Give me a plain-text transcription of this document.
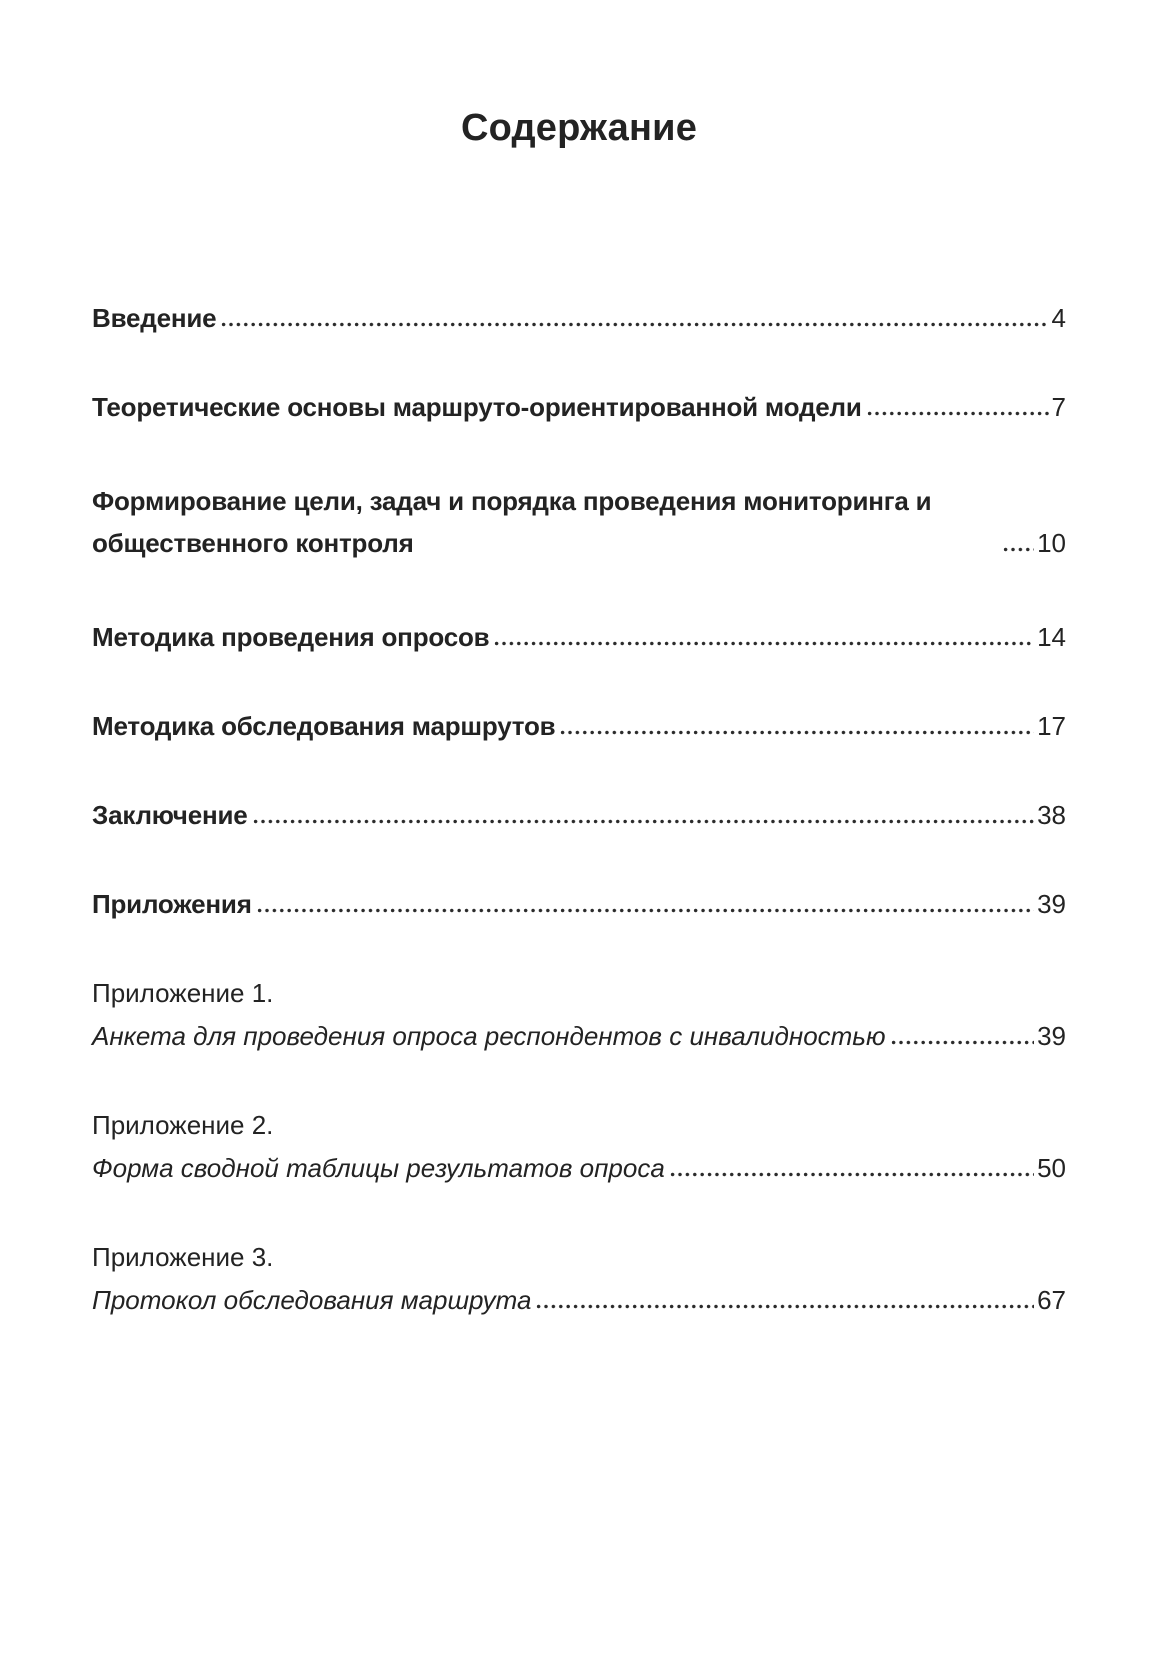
Содержание
Введение	4
Теоретические основы маршруто-ориентированной модели	7
Формирование цели, задач и порядка проведения мониторинга и общественного контроля	10
Методика проведения опросов	14
Методика обследования маршрутов	17
Заключение	38
Приложения	39
Приложение 1.
Анкета для проведения опроса респондентов с инвалидностью	39
Приложение 2.
Форма сводной таблицы результатов опроса	50
Приложение 3.
Протокол обследования маршрута	67
